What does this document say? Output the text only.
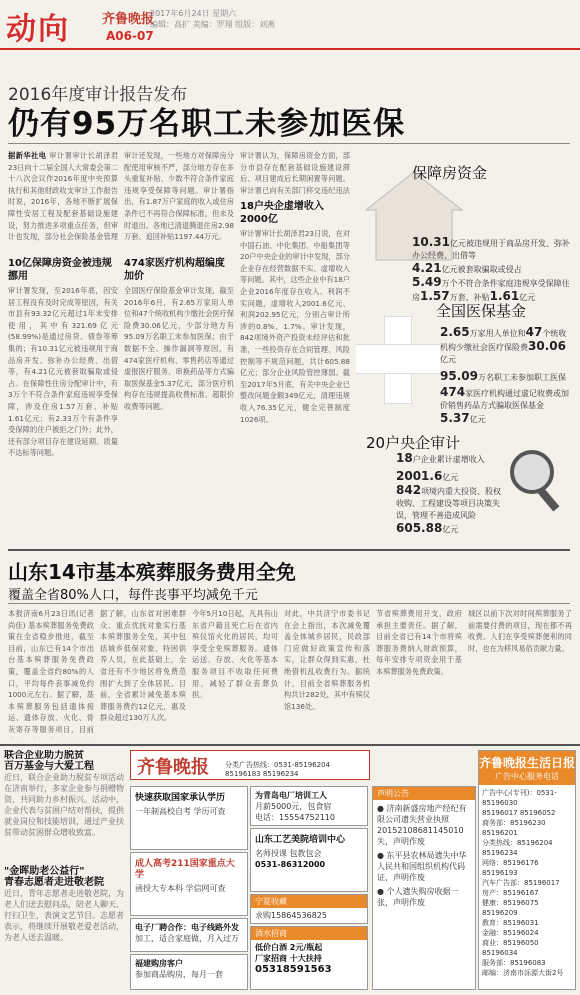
动向 齐鲁晚报
2017年6月24日 星期六
编辑：高扩 美编：罗翔 组版：刘燕
A06-07
2016年度审计报告发布
仍有95万名职工未参加医保
据新华社电 审计署审计长胡泽君23日向十二届全国人大常委会第二十八次会议作2016年度中央预算执行和其他财政收支审计工作报告时说，2016年，各地不断扩展保障性安居工程及配套基础设施建设，努力推进多项重点任务，但审计也发现，部分社会保险基金管理
10亿保障房资金被违规挪用
审计署发现，至2016年底，因安居工程没有及时完成等原因，有关市县有93.32亿元超过1年未安排使用，其中有321.69亿元(58.99%)是通过房贷、债券等筹集的；有10.31亿元被违规用于商品房开发、弥补办公经费、出借等，有4.21亿元被套取骗取或侵占。在保障性住房分配审计中，有3万个不符合条件家庭违规享受保障，涉及住房1.57万套、补贴1.61亿元；有2.33万个有条件享受保障的住户被拒之门外；此外，还有部分项目存在建设延期、质量不达标等问题。
审计还发现，一些地方对保障房分配使用审核不严，部分地方存在多头重复补贴、少数不符合条件家庭违规享受保障等问题。审计署指出，有1.87万户家庭的收入或住房条件已不再符合保障标准，但未及时退出。各地已清退腾退住房2.98万套、追回补贴1197.44万元。
474家医疗机构超编度加价
全国医疗保险基金审计发现，截至2016年6月，有2.65万家用人单位和47个统收机构少缴社会医疗保险费30.06亿元，少部分地方有95.09万名职工未参加医保；由于数据不全、操作漏洞等原因，有474家医疗机构、零售药店等通过虚报医疗服务、串换药品等方式骗取医保基金5.37亿元，部分医疗机构存在违规提高收费标准、超限价收费等问题。
审计署认为，保障房资金方面，部分市县存在配套基础设施建设滞后、项目建成后长期闲置等问题。审计署已向有关部门移交违纪违法
18户央企虚增收入2000亿
审计署审计长胡泽君23日说，在对中国石油、中化集团、中船集团等20户中央企业的审计中发现，部分企业存在经营数据不实、虚增收入等问题。其中，这些企业中有18户企业2016年度存在收入、利润不实问题，虚增收入2001.6亿元、利润202.95亿元，分别占审计所涉的0.8%、1.7%。审计发现，842项境外资产投资未经评估和批准，一些投资存在合同管理、风险控制等不规范问题，共计605.88亿元；部分企业风险管控薄弱。截至2017年5月底，有关中央企业已整改问题金额349亿元，清理违规收入76.35亿元，健全完善制度1026项。
保障房资金
10.31亿元被违规用于商品房开发、弥补办公经费、出借等
4.21亿元被套取骗取或侵占
5.49万个不符合条件家庭违规享受保障住房1.57万套、补贴1.61亿元
全国医保基金
2.65万家用人单位和47个统收机构少缴社会医疗保险费30.06亿元
95.09万名职工未参加职工医保
474家医疗机构通过虚记收费或加价销售药品方式骗取医保基金5.37亿元
20户央企审计
18户企业累计虚增收入
2001.6亿元
842项境内重大投资、股权收购、工程建设等项目决策失误，管理不善造成风险605.88亿元
山东14市基本殡葬服务费用全免
覆盖全省80%人口，每件丧事平均减免千元
本报济南6月23日讯(记者 尚佳) 基本殡葬服务免费政策在全省稳步推进，截至目前，山东已有14个市出台基本殡葬服务免费政策，覆盖全省约80%的人口，平均每件丧事减免约1000元左右。据了解，基本殡葬服务包括遗体接运、遗体存放、火化、骨灰寄存等服务项目，目前
据了解，山东省对困难群众、重点优抚对象实行基本殡葬服务全免，其中包括城乡低保对象、特困供养人员，在此基础上，全省还有不少地区将免费范围扩大到了全体居民。目前，全省累计减免基本殡葬服务费约12亿元，惠及群众超过130万人次。
今年5月10日起，凡具有山东省户籍且死亡后在省内殡仪馆火化的居民，均可享受全免殡葬服务。遗体运送、存放、火化等基本服务项目不收取任何费用，减轻了群众丧葬负担。
对此，中共济宁市委书记在会上指出，本次减免覆盖全体城乡居民，民政部门应做好政策宣传和落实，让群众得到实惠，杜绝借机乱收费行为。据统计，目前全省殡葬服务机构共计282处，其中有殡仪馆136处。
节省殡葬费用开支，政府承担主要责任。据了解，目前全省已有14个市将殡葬服务费纳入财政预算，每年安排专项资金用于基本殡葬服务免费政策。
城区以前下次对时间殡葬服务了前需要付费的项目，现在都不再收费。人们在享受殡葬便利的同时，也在为移风易俗贡献力量。
联合企业助力脱贫
百万基金与大爱工程
近日，联合企业助力脱贫专项活动在济南举行，多家企业参与捐赠物资，共同助力乡村振兴。活动中，企业代表与贫困户结对帮扶，提供就业岗位和技能培训，通过产业扶贫带动贫困群众增收致富。
"金晖助老公益行"
青春志愿者走进敬老院
近日，青年志愿者走进敬老院，为老人们送去慰问品，陪老人聊天、打扫卫生，表演文艺节目。志愿者表示，将继续开展敬老爱老活动，为老人送去温暖。
齐鲁晚报 分类广告热线：0531-85196204 85196183 85196234
快速获取国家承认学历
一年制高校自考 学历可查
成人高考211国家重点大学
函授大专本科 学信网可查
电子厂聘合作：电子线路外发
加工，适合家庭做，月入过万
福建购房客户
参加商品购房，每月一套
为青岛电厂培训工人
月薪5000元，包食宿
电话：15554752110
山东工艺美院培训中心
名师授课 包教包会
0531-86312000
宁夏收藏
求购15864536825
酒水招商
低价白酒 2元/瓶起
厂家招商 十大扶持
05318591563
声明公告
● 济南新盛房地产经纪有限公司遗失营业执照
20152108681145010失，声明作废
● 东平县农林局遗失中华人民共和国组织机构代码证，声明作废
● 个人遗失购房收据一张，声明作废
齐鲁晚报生活日报
广告中心服务电话
广告中心(专刊)：0531-85196030
85196017 85196052
商务部：85196230 85196201
分类热线：85196204 85196234
网络：85196176 85196193
汽车广告部：85196017
房产：85196167
健康：85196075 85196209
教育：85196031
金融：85196024
商业：85196050 85196034
服务部：85196083
邮编：济南市泺源大街2号
